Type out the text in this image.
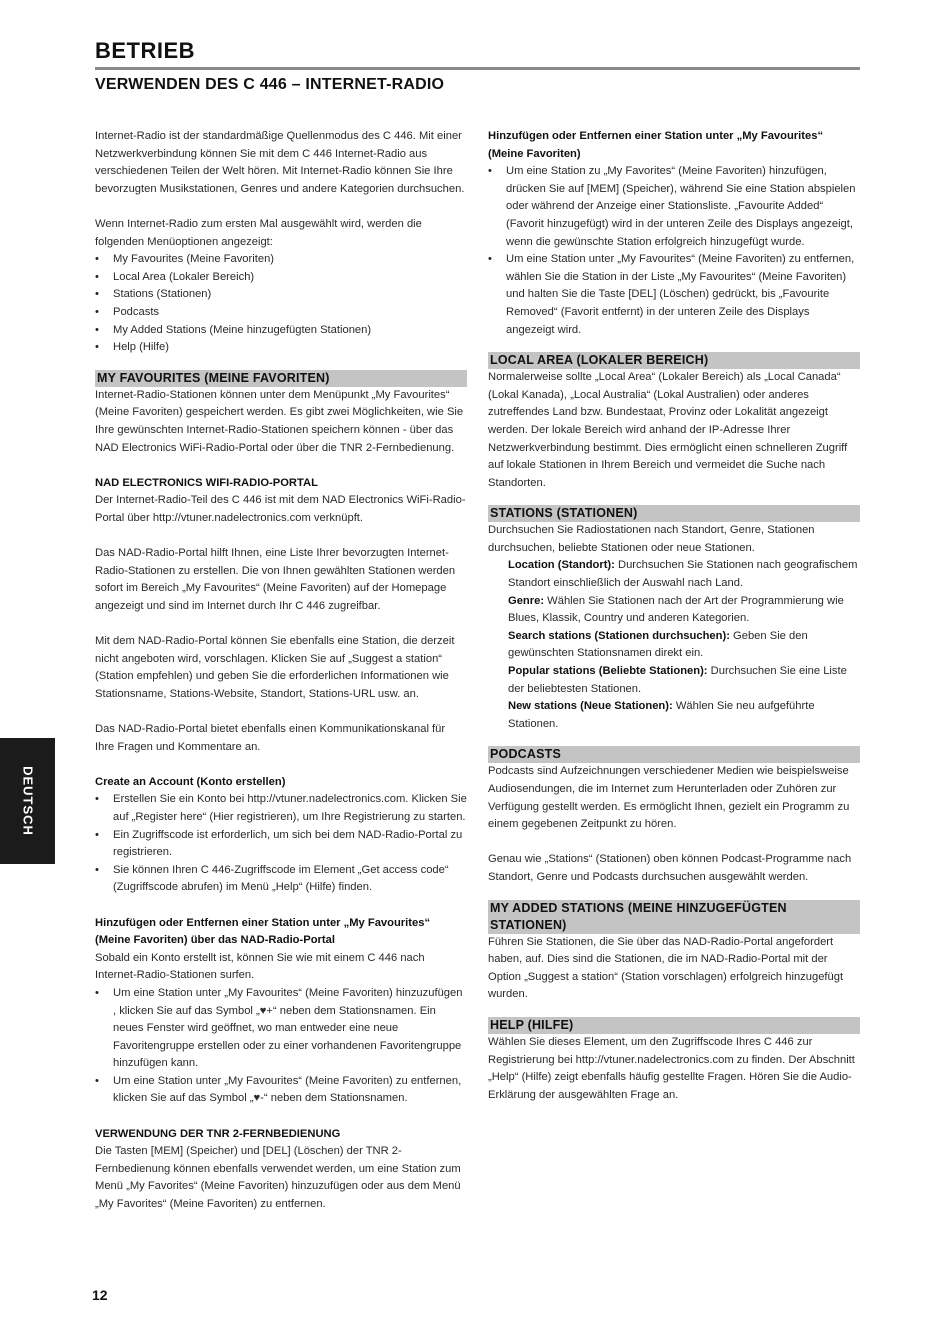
BETRIEB
VERWENDEN DES C 446 – INTERNET-RADIO

Internet-Radio ist der standardmäßige Quellenmodus des C 446. Mit einer Netzwerkverbindung können Sie mit dem C 446 Internet-Radio aus verschiedenen Teilen der Welt hören. Mit Internet-Radio können Sie Ihre bevorzugten Musikstationen, Genres und andere Kategorien durchsuchen.

Wenn Internet-Radio zum ersten Mal ausgewählt wird, werden die folgenden Menüoptionen angezeigt:

• My Favourites (Meine Favoriten)
• Local Area (Lokaler Bereich)
• Stations (Stationen)
• Podcasts
• My Added Stations (Meine hinzugefügten Stationen)
• Help (Hilfe)
MY FAVOURITES (MEINE FAVORITEN)

Internet-Radio-Stationen können unter dem Menüpunkt „My Favourites“ (Meine Favoriten) gespeichert werden. Es gibt zwei Möglichkeiten, wie Sie Ihre gewünschten Internet-Radio-Stationen speichern können - über das NAD Electronics WiFi-Radio-Portal oder über die TNR 2-Fernbedienung.

NAD ELECTRONICS WIFI-RADIO-PORTAL

Der Internet-Radio-Teil des C 446 ist mit dem NAD Electronics WiFi-Radio-Portal über http://vtuner.nadelectronics.com verknüpft.

Das NAD-Radio-Portal hilft Ihnen, eine Liste Ihrer bevorzugten Internet-Radio-Stationen zu erstellen. Die von Ihnen gewählten Stationen werden sofort im Bereich „My Favourites“ (Meine Favoriten) auf der Homepage angezeigt und sind im Internet durch Ihr C 446 zugreifbar.

Mit dem NAD-Radio-Portal können Sie ebenfalls eine Station, die derzeit nicht angeboten wird, vorschlagen. Klicken Sie auf „Suggest a station“ (Station empfehlen) und geben Sie die erforderlichen Informationen wie Stationsname, Stations-Website, Standort, Stations-URL usw. an.

Das NAD-Radio-Portal bietet ebenfalls einen Kommunikationskanal für Ihre Fragen und Kommentare an.

Create an Account (Konto erstellen)

• Erstellen Sie ein Konto bei http://vtuner.nadelectronics.com. Klicken Sie auf „Register here“ (Hier registrieren), um Ihre Registrierung zu starten.
• Ein Zugriffscode ist erforderlich, um sich bei dem NAD-Radio-Portal zu registrieren.
• Sie können Ihren C 446-Zugriffscode im Element „Get access code“ (Zugriffscode abrufen) im Menü „Help“ (Hilfe) finden.

Hinzufügen oder Entfernen einer Station unter „My Favourites“ (Meine Favoriten) über das NAD-Radio-Portal

Sobald ein Konto erstellt ist, können Sie wie mit einem C 446 nach Internet-Radio-Stationen surfen.

• Um eine Station unter „My Favourites“ (Meine Favoriten) hinzuzufügen , klicken Sie auf das Symbol „♥+“ neben dem Stationsnamen. Ein neues Fenster wird geöffnet, wo man entweder eine neue Favoritengruppe erstellen oder zu einer vorhandenen Favoritengruppe hinzufügen kann.
• Um eine Station unter „My Favourites“ (Meine Favoriten) zu entfernen, klicken Sie auf das Symbol „♥-“ neben dem Stationsnamen.

VERWENDUNG DER TNR 2-FERNBEDIENUNG

Die Tasten [MEM] (Speicher) und [DEL] (Löschen) der TNR 2-Fernbedienung können ebenfalls verwendet werden, um eine Station zum Menü „My Favorites“ (Meine Favoriten) hinzuzufügen oder aus dem Menü „My Favorites“ (Meine Favoriten) zu entfernen.

Hinzufügen oder Entfernen einer Station unter „My Favourites“ (Meine Favoriten)

• Um eine Station zu „My Favorites“ (Meine Favoriten) hinzufügen, drücken Sie auf [MEM] (Speicher), während Sie eine Station abspielen oder während der Anzeige einer Stationsliste. „Favourite Added“ (Favorit hinzugefügt) wird in der unteren Zeile des Displays angezeigt, wenn die gewünschte Station erfolgreich hinzugefügt wurde.
• Um eine Station unter „My Favourites“ (Meine Favoriten) zu entfernen, wählen Sie die Station in der Liste „My Favourites“ (Meine Favoriten) und halten Sie die Taste [DEL] (Löschen) gedrückt, bis „Favourite Removed“ (Favorit entfernt) in der unteren Zeile des Displays angezeigt wird.
LOCAL AREA (LOKALER BEREICH)

Normalerweise sollte „Local Area“ (Lokaler Bereich) als „Local Canada“ (Lokal Kanada), „Local Australia“ (Lokal Australien) oder anderes zutreffendes Land bzw. Bundestaat, Provinz oder Lokalität angezeigt werden. Der lokale Bereich wird anhand der IP-Adresse Ihrer Netzwerkverbindung bestimmt. Dies ermöglicht einen schnelleren Zugriff auf lokale Stationen in Ihrem Bereich und vermeidet die Suche nach Standorten.

STATIONS (STATIONEN)

Durchsuchen Sie Radiostationen nach Standort, Genre, Stationen durchsuchen, beliebte Stationen oder neue Stationen.

Location (Standort): Durchsuchen Sie Stationen nach geografischem Standort einschließlich der Auswahl nach Land.

Genre: Wählen Sie Stationen nach der Art der Programmierung wie Blues, Klassik, Country und anderen Kategorien.

Search stations (Stationen durchsuchen): Geben Sie den gewünschten Stationsnamen direkt ein.

Popular stations (Beliebte Stationen): Durchsuchen Sie eine Liste der beliebtesten Stationen.

New stations (Neue Stationen): Wählen Sie neu aufgeführte Stationen.

PODCASTS

Podcasts sind Aufzeichnungen verschiedener Medien wie beispielsweise Audiosendungen, die im Internet zum Herunterladen oder Zuhören zur Verfügung gestellt werden. Es ermöglicht Ihnen, gezielt ein Programm zu einem gegebenen Zeitpunkt zu hören.

Genau wie „Stations“ (Stationen) oben können Podcast-Programme nach Standort, Genre und Podcasts durchsuchen ausgewählt werden.

MY ADDED STATIONS (MEINE HINZUGEFÜGTEN STATIONEN)

Führen Sie Stationen, die Sie über das NAD-Radio-Portal angefordert haben, auf. Dies sind die Stationen, die im NAD-Radio-Portal mit der Option „Suggest a station“ (Station vorschlagen) erfolgreich hinzugefügt wurden.

HELP (HILFE)

Wählen Sie dieses Element, um den Zugriffscode Ihres C 446 zur Registrierung bei http://vtuner.nadelectronics.com zu finden. Der Abschnitt „Help“ (Hilfe) zeigt ebenfalls häufig gestellte Fragen. Hören Sie die Audio-Erklärung der ausgewählten Frage an.

DEUTSCH
12
